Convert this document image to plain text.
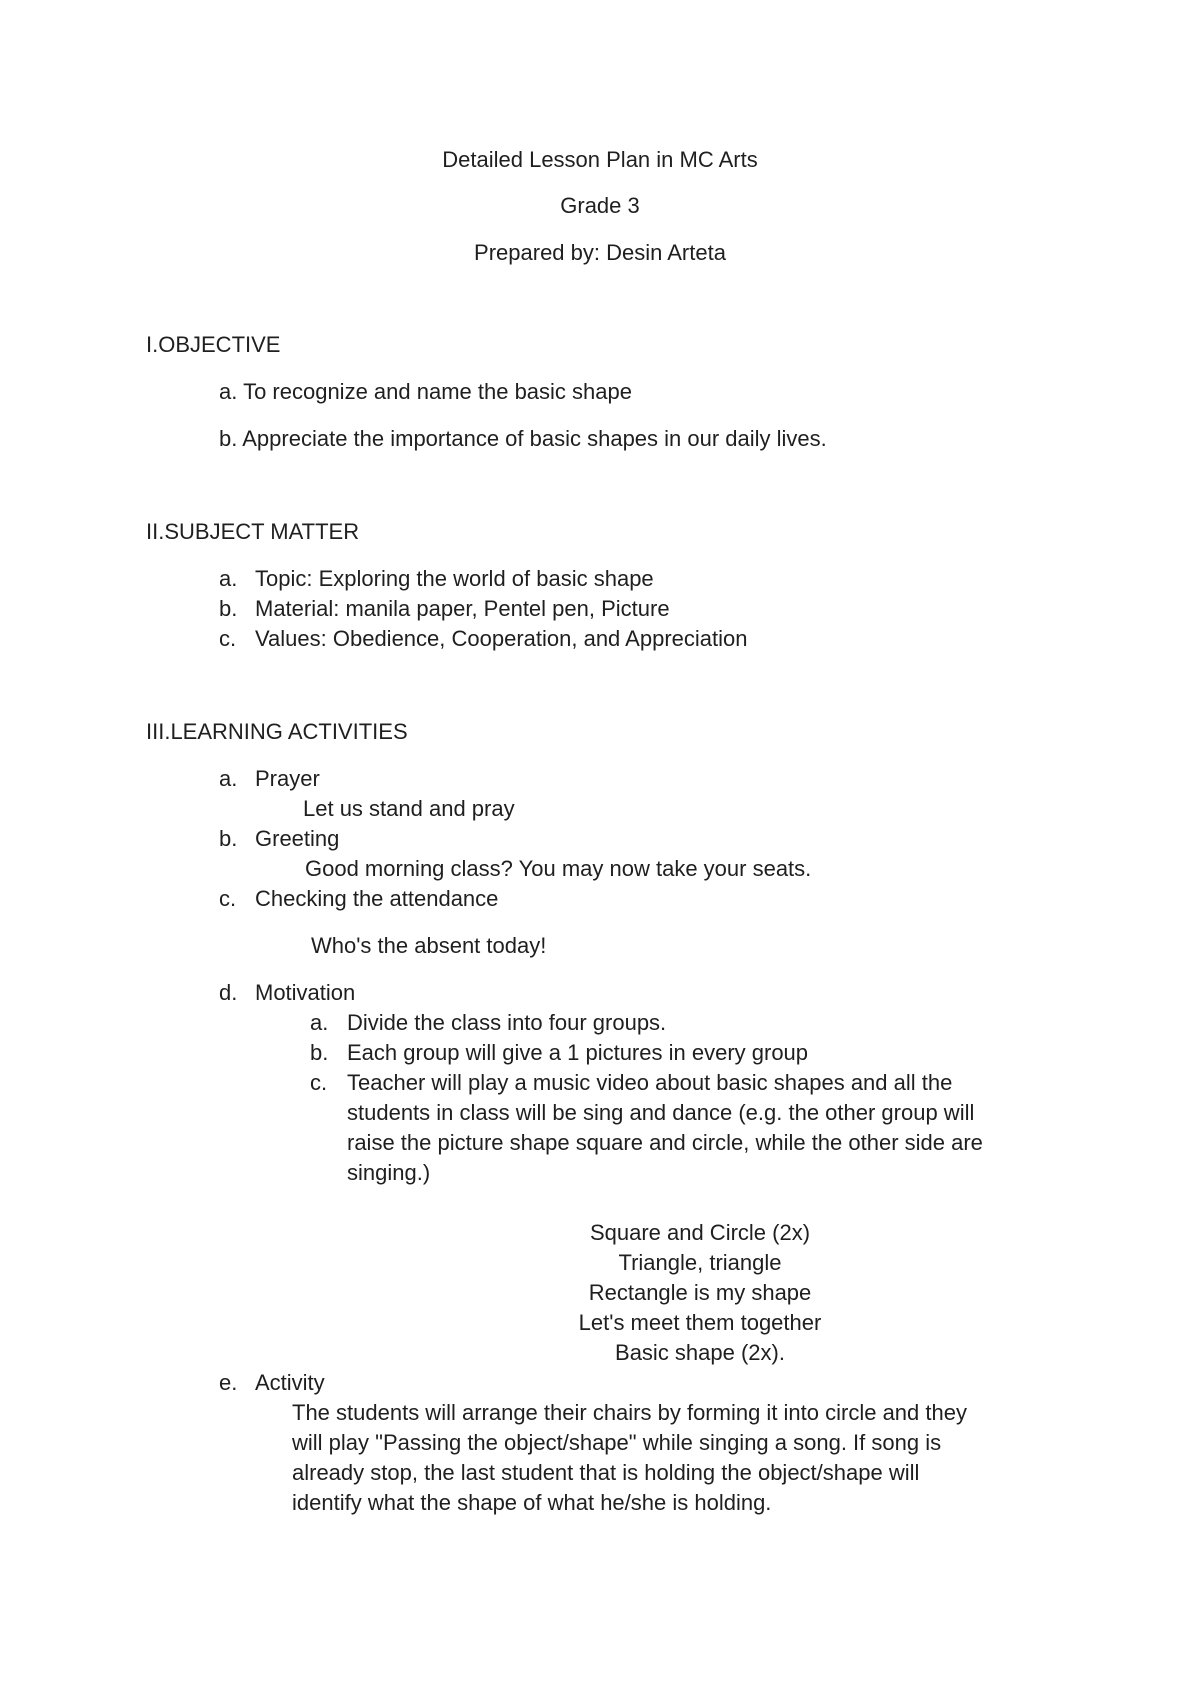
Detailed Lesson Plan in MC Arts
Grade 3
Prepared by: Desin Arteta
I.OBJECTIVE
a. To recognize and name the basic shape
b. Appreciate the importance of basic shapes in our daily lives.
II.SUBJECT MATTER
a. Topic: Exploring the world of basic shape
b. Material: manila paper, Pentel pen, Picture
c. Values: Obedience, Cooperation, and Appreciation
III.LEARNING ACTIVITIES
a. Prayer
Let us stand and pray
b. Greeting
Good morning class? You may now take your seats.
c. Checking the attendance
Who's the absent today!
d. Motivation
a. Divide the class into four groups.
b. Each group will give a 1 pictures in every group
c. Teacher will play a music video about basic shapes and all the
students in class will be sing and dance (e.g. the other group will
raise the picture shape square and circle, while the other side are
singing.)
Square and Circle (2x)
Triangle, triangle
Rectangle is my shape
Let's meet them together
Basic shape (2x).
e. Activity
The students will arrange their chairs by forming it into circle and they
will play "Passing the object/shape" while singing a song. If song is
already stop, the last student that is holding the object/shape will
identify what the shape of what he/she is holding.
